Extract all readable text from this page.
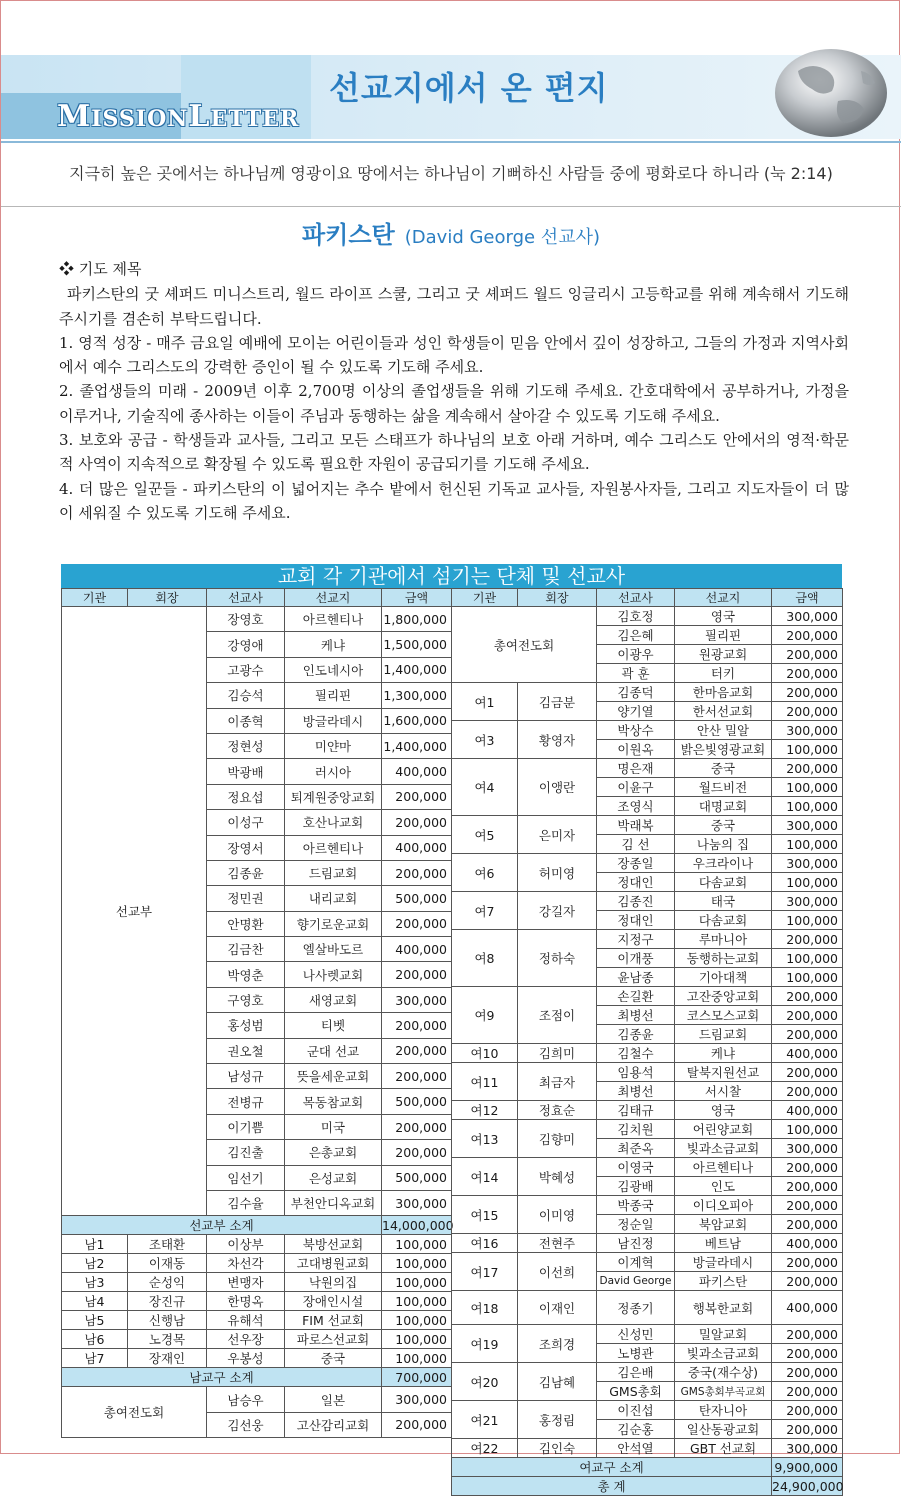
MISSIONLETTER
선교지에서 온 편지
지극히 높은 곳에서는 하나님께 영광이요 땅에서는 하나님이 기뻐하신 사람들 중에 평화로다 하니라 (눅 2:14)
파키스탄 (David George 선교사)

❖ 기도 제목

파키스탄의 굿 셰퍼드 미니스트리, 월드 라이프 스쿨, 그리고 굿 셰퍼드 월드 잉글리시 고등학교를 위해 계속해서 기도해 주시기를 겸손히 부탁드립니다.

1. 영적 성장 - 매주 금요일 예배에 모이는 어린이들과 성인 학생들이 믿음 안에서 깊이 성장하고, 그들의 가정과 지역사회에서 예수 그리스도의 강력한 증인이 될 수 있도록 기도해 주세요.

2. 졸업생들의 미래 - 2009년 이후 2,700명 이상의 졸업생들을 위해 기도해 주세요. 간호대학에서 공부하거나, 가정을 이루거나, 기술직에 종사하는 이들이 주님과 동행하는 삶을 계속해서 살아갈 수 있도록 기도해 주세요.

3. 보호와 공급 - 학생들과 교사들, 그리고 모든 스태프가 하나님의 보호 아래 거하며, 예수 그리스도 안에서의 영적·학문적 사역이 지속적으로 확장될 수 있도록 필요한 자원이 공급되기를 기도해 주세요.

4. 더 많은 일꾼들 - 파키스탄의 이 넓어지는 추수 밭에서 헌신된 기독교 교사들, 자원봉사자들, 그리고 지도자들이 더 많이 세워질 수 있도록 기도해 주세요.

교회 각 기관에서 섬기는 단체 및 선교사
기관	회장	선교사	선교지	금액
선교부		장영호	아르헨티나	1,800,000
		강영애	케냐	1,500,000
		고광수	인도네시아	1,400,000
		김승석	필리핀	1,300,000
		이종혁	방글라데시	1,600,000
		정현성	미얀마	1,400,000
		박광배	러시아	400,000
		정요섭	퇴계원중앙교회	200,000
		이성구	호산나교회	200,000
		장영서	아르헨티나	400,000
		김종윤	드림교회	200,000
		정민권	내리교회	500,000
		안명환	향기로운교회	200,000
		김금찬	엘살바도르	400,000
		박영춘	나사렛교회	200,000
		구영호	새영교회	300,000
		홍성범	티벳	200,000
		권오철	군대 선교	200,000
		남성규	뜻을세운교회	200,000
		전병규	목동참교회	500,000
		이기쁨	미국	200,000
		김진출	은총교회	200,000
		임선기	은성교회	500,000
		김수율	부천안디옥교회	300,000
선교부 소계				14,000,000
남1	조태환	이상부	북방선교회	100,000
남2	이재동	차선각	고대병원교회	100,000
남3	순성익	변맹자	낙원의집	100,000
남4	장진규	한명옥	장애인시설	100,000
남5	신행남	유해석	FIM 선교회	100,000
남6	노경목	선우장	파로스선교회	100,000
남7	장재인	우봉성	중국	100,000
남교구 소계				700,000
총여전도회		남승우	일본	300,000
		김선웅	고산감리교회	200,000
기관	회장	선교사	선교지	금액
총여전도회		김호정	영국	300,000
		김은혜	필리핀	200,000
		이광우	원광교회	200,000
		곽 훈	터키	200,000
여1	김금분	김종덕	한마음교회	200,000
		양기열	한서선교회	200,000
여3	황영자	박상수	안산 밀알	300,000
		이원옥	밝은빛영광교회	100,000
여4	이앵란	명은재	중국	200,000
		이윤구	월드비전	100,000
		조영식	대명교회	100,000
여5	은미자	박래복	중국	300,000
		김 선	나눔의 집	100,000
여6	허미영	장종일	우크라이나	300,000
		정대인	다솜교회	100,000
여7	강길자	김종진	태국	300,000
		정대인	다솜교회	100,000
여8	정하숙	지정구	루마니아	200,000
		이개풍	동행하는교회	100,000
		윤남종	기아대책	100,000
여9	조점이	손길환	고잔중앙교회	200,000
		최병선	코스모스교회	200,000
		김종윤	드림교회	200,000
여10	김희미	김철수	케냐	400,000
여11	최금자	임용석	탈북지원선교	200,000
		최병선	서시찰	200,000
여12	정효순	김태규	영국	400,000
여13	김향미	김치원	어린양교회	100,000
		최준옥	빛과소금교회	300,000
여14	박혜성	이영국	아르헨티나	200,000
		김광배	인도	200,000
여15	이미영	박종국	이디오피아	200,000
		정순일	북암교회	200,000
여16	전현주	남진정	베트남	400,000
여17	이선희	이계혁	방글라데시	200,000
		David George	파키스탄	200,000
여18	이재인	정종기	행복한교회	400,000
여19	조희경	신성민	밀알교회	200,000
		노병관	빛과소금교회	200,000
여20	김남혜	김은배	중국(재수상)	200,000
		GMS총회	GMS총회부곡교회	200,000
여21	홍정림	이진섭	탄자니아	200,000
		김순홍	일산동광교회	200,000
여22	김인숙	안석열	GBT 선교회	300,000
여교구 소계				9,900,000
총 계				24,900,000
